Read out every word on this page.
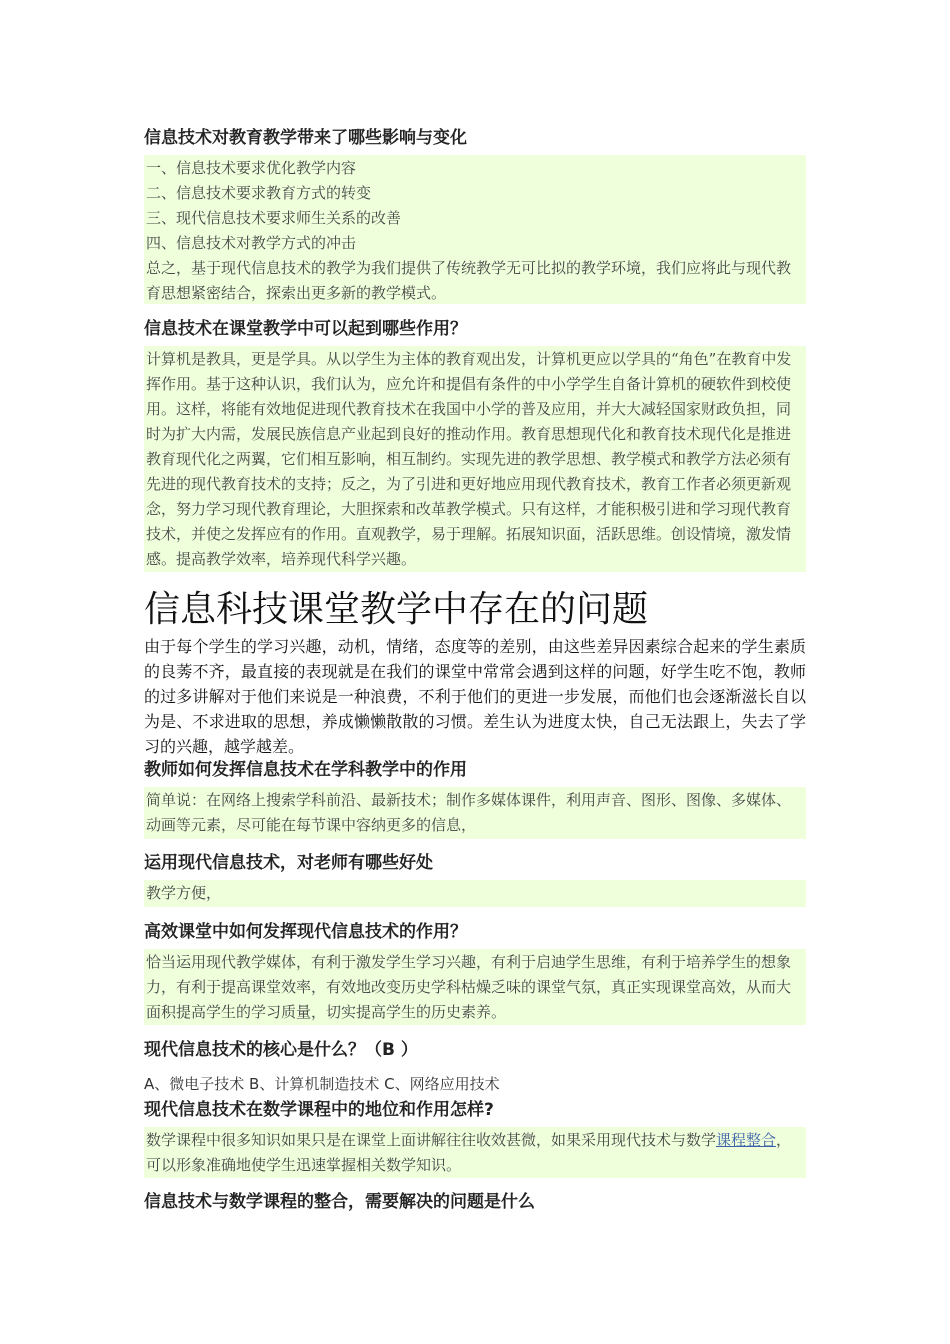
信息技术对教育教学带来了哪些影响与变化

一、信息技术要求优化教学内容

二、信息技术要求教育方式的转变

三、现代信息技术要求师生关系的改善

四、信息技术对教学方式的冲击

总之，基于现代信息技术的教学为我们提供了传统教学无可比拟的教学环境，我们应将此与现代教育思想紧密结合，探索出更多新的教学模式。

信息技术在课堂教学中可以起到哪些作用？

计算机是教具，更是学具。从以学生为主体的教育观出发，计算机更应以学具的“角色”在教育中发挥作用。基于这种认识，我们认为，应允许和提倡有条件的中小学学生自备计算机的硬软件到校使用。这样，将能有效地促进现代教育技术在我国中小学的普及应用，并大大减轻国家财政负担，同时为扩大内需，发展民族信息产业起到良好的推动作用。教育思想现代化和教育技术现代化是推进教育现代化之两翼，它们相互影响，相互制约。实现先进的教学思想、教学模式和教学方法必须有先进的现代教育技术的支持；反之，为了引进和更好地应用现代教育技术，教育工作者必须更新观念，努力学习现代教育理论，大胆探索和改革教学模式。只有这样，才能积极引进和学习现代教育技术，并使之发挥应有的作用。直观教学，易于理解。拓展知识面，活跃思维。创设情境，激发情感。提高教学效率，培养现代科学兴趣。

信息科技课堂教学中存在的问题
由于每个学生的学习兴趣，动机，情绪，态度等的差别，由这些差异因素综合起来的学生素质的良莠不齐，最直接的表现就是在我们的课堂中常常会遇到这样的问题，好学生吃不饱，教师的过多讲解对于他们来说是一种浪费，不利于他们的更进一步发展，而他们也会逐渐滋长自以为是、不求进取的思想，养成懒懒散散的习惯。差生认为进度太快，自己无法跟上，失去了学习的兴趣，越学越差。
教师如何发挥信息技术在学科教学中的作用

简单说：在网络上搜索学科前沿、最新技术；制作多媒体课件，利用声音、图形、图像、多媒体、动画等元素，尽可能在每节课中容纳更多的信息，

运用现代信息技术，对老师有哪些好处

教学方便，

高效课堂中如何发挥现代信息技术的作用？

恰当运用现代教学媒体，有利于激发学生学习兴趣，有利于启迪学生思维，有利于培养学生的想象力，有利于提高课堂效率，有效地改变历史学科枯燥乏味的课堂气氛，真正实现课堂高效，从而大面积提高学生的学习质量，切实提高学生的历史素养。

现代信息技术的核心是什么？（B ）
A、微电子技术 B、计算机制造技术 C、网络应用技术
现代信息技术在数学课程中的地位和作用怎样?

数学课程中很多知识如果只是在课堂上面讲解往往收效甚微，如果采用现代技术与数学课程整合，可以形象准确地使学生迅速掌握相关数学知识。

信息技术与数学课程的整合，需要解决的问题是什么
